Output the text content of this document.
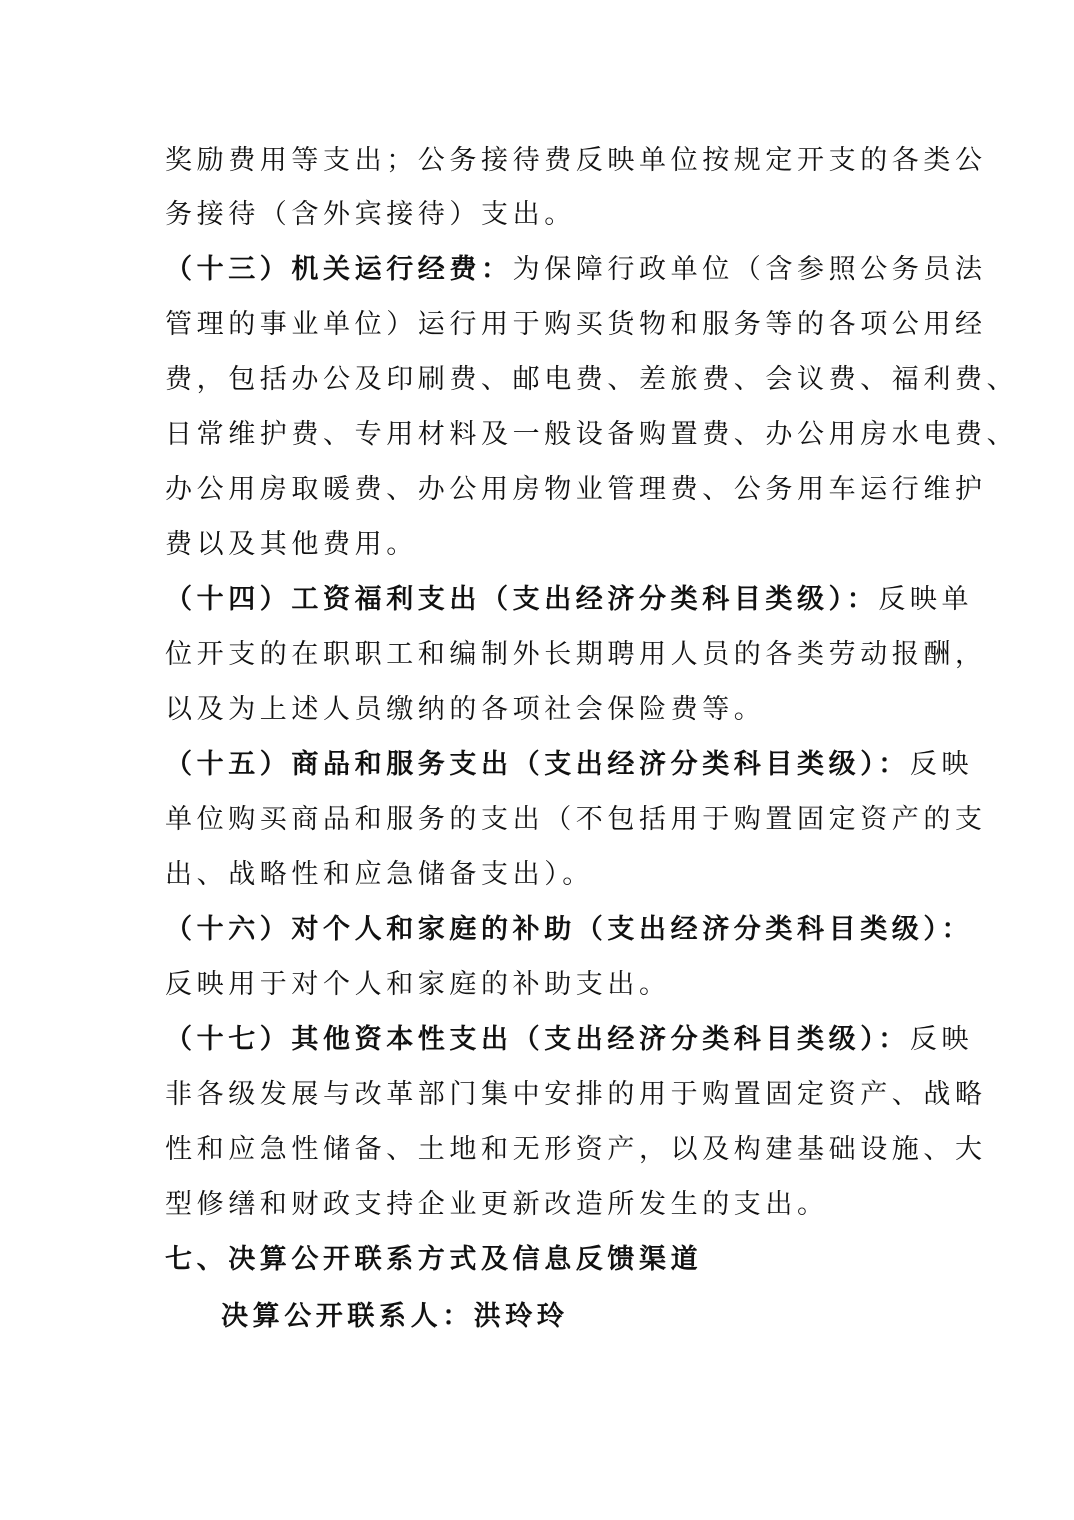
奖励费用等支出；公务接待费反映单位按规定开支的各类公
务接待（含外宾接待）支出。
（十三）机关运行经费：为保障行政单位（含参照公务员法
管理的事业单位）运行用于购买货物和服务等的各项公用经
费，包括办公及印刷费、邮电费、差旅费、会议费、福利费、
日常维护费、专用材料及一般设备购置费、办公用房水电费、
办公用房取暖费、办公用房物业管理费、公务用车运行维护
费以及其他费用。
（十四）工资福利支出（支出经济分类科目类级）：反映单
位开支的在职职工和编制外长期聘用人员的各类劳动报酬，
以及为上述人员缴纳的各项社会保险费等。
（十五）商品和服务支出（支出经济分类科目类级）：反映
单位购买商品和服务的支出（不包括用于购置固定资产的支
出、战略性和应急储备支出）。
（十六）对个人和家庭的补助（支出经济分类科目类级）：
反映用于对个人和家庭的补助支出。
（十七）其他资本性支出（支出经济分类科目类级）：反映
非各级发展与改革部门集中安排的用于购置固定资产、战略
性和应急性储备、土地和无形资产，以及构建基础设施、大
型修缮和财政支持企业更新改造所发生的支出。
七、决算公开联系方式及信息反馈渠道
决算公开联系人：洪玲玲
